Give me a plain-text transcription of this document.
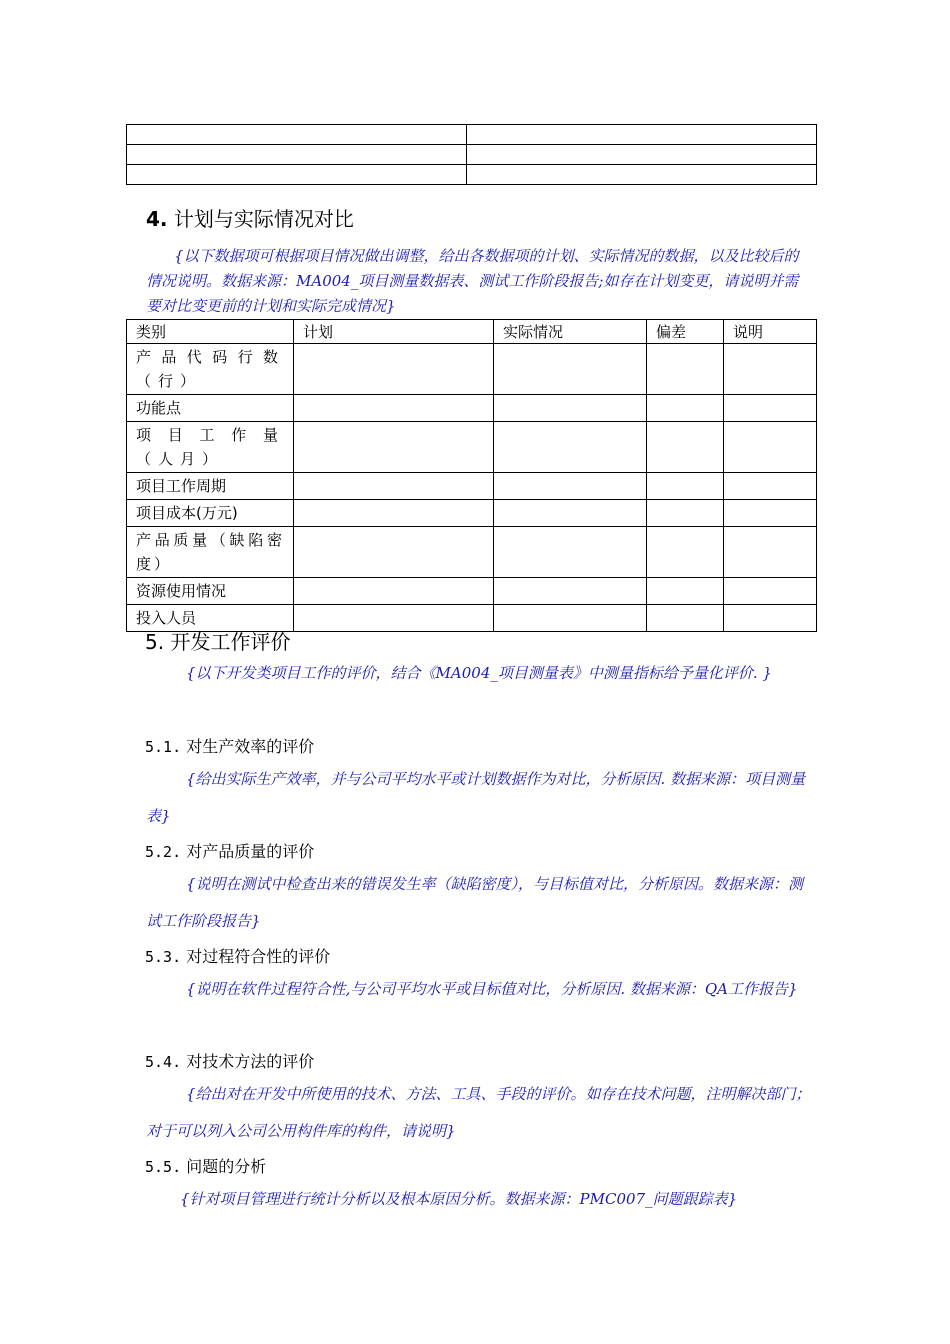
4. 计划与实际情况对比
{以下数据项可根据项目情况做出调整，给出各数据项的计划、实际情况的数据，以及比较后的情况说明。数据来源：MA004_项目测量数据表、测试工作阶段报告;如存在计划变更，请说明并需要对比变更前的计划和实际完成情况}
类别	计划	实际情况	偏差	说明
产品代码行数（行）				
功能点				
项目工作量（人月）				
项目工作周期				
项目成本(万元)				
产品质量（缺陷密度）				
资源使用情况				
投入人员				
5. 开发工作评价
{以下开发类项目工作的评价，结合《MA004_项目测量表》中测量指标给予量化评价. }
5.1. 对生产效率的评价
{给出实际生产效率，并与公司平均水平或计划数据作为对比，分析原因. 数据来源：项目测量表}
5.2. 对产品质量的评价
{说明在测试中检查出来的错误发生率（缺陷密度），与目标值对比，分析原因。数据来源：测试工作阶段报告}
5.3. 对过程符合性的评价
{说明在软件过程符合性,与公司平均水平或目标值对比，分析原因. 数据来源：QA工作报告}
5.4. 对技术方法的评价
{给出对在开发中所使用的技术、方法、工具、手段的评价。如存在技术问题，注明解决部门；对于可以列入公司公用构件库的构件，请说明}
5.5. 问题的分析
{针对项目管理进行统计分析以及根本原因分析。数据来源：PMC007_问题跟踪表}
